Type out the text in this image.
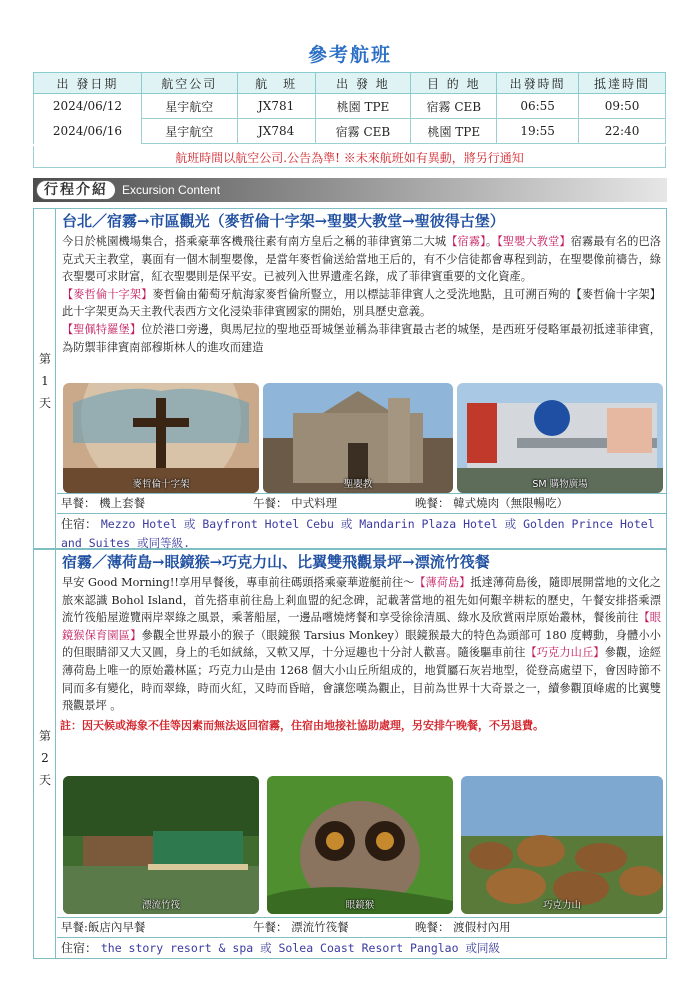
參考航班
出 發日期	航空公司	航　班	出 發 地	目 的 地	出發時間	抵達時間
2024/06/12	星宇航空	JX781	桃園 TPE	宿霧 CEB	06:55	09:50
2024/06/16	星宇航空	JX784	宿霧 CEB	桃園 TPE	19:55	22:40
航班時間以航空公司.公告為準! ※未來航班如有異動，將另行通知
行程介紹	Excursion Content
第
1
天
台北／宿霧→市區觀光（麥哲倫十字架→聖嬰大教堂→聖彼得古堡）
今日於桃園機場集合，搭乘豪華客機飛往素有南方皇后之稱的菲律賓第二大城【宿霧】。【聖嬰大教堂】宿霧最有名的巴洛克式天主教堂，裏面有一個木制聖嬰像，是當年麥哲倫送給當地王后的，有不少信徒都會專程到訪，在聖嬰像前禱告，綠衣聖嬰可求財富，紅衣聖嬰則是保平安。已被列入世界遺產名錄，成了菲律賓重要的文化資產。
【麥哲倫十字架】麥哲倫由葡萄牙航海家麥哲倫所豎立，用以標誌菲律賓人之受洗地點，且可溯百殉的【麥哲倫十字架】此十字架更為天主教代表西方文化浸染菲律賓國家的開始，別具歷史意義。
【聖佩特羅堡】位於港口旁邊，與馬尼拉的聖地亞哥城堡並稱為菲律賓最古老的城堡，是西班牙侵略軍最初抵達菲律賓，為防禦菲律賓南部穆斯林人的進攻而建造
麥哲倫十字架	聖嬰教	SM 購物廣場
早餐： 機上套餐	午餐： 中式料理	晚餐： 韓式燒肉（無限暢吃）
住宿： Mezzo Hotel 或 Bayfront Hotel Cebu 或 Mandarin Plaza Hotel 或 Golden Prince Hotel and Suites 或同等級.
第
2
天
宿霧／薄荷島→眼鏡猴→巧克力山、比翼雙飛觀景坪→漂流竹筏餐
早安 Good Morning!!享用早餐後，專車前往碼頭搭乘豪華遊艇前往～【薄荷島】抵達薄荷島後，隨即展開當地的文化之旅來認識 Bohol Island，首先搭車前往島上剎血盟的紀念碑，記載著當地的祖先如何艱辛耕耘的歷史，午餐安排搭乘漂流竹筏船屋遊覽兩岸翠綠之風景，乘著船屋，一邊品嚐燒烤餐和享受徐徐清風、綠水及欣賞兩岸原始叢林，餐後前往【眼鏡猴保育園區】參觀全世界最小的猴子（眼鏡猴 Tarsius Monkey）眼鏡猴最大的特色為頭部可 180 度轉動，身體小小的但眼睛卻又大又圓，身上的毛如絨絲，又軟又厚，十分逗趣也十分討人歡喜。隨後驅車前往【巧克力山丘】參觀，途經薄荷島上唯一的原始叢林區；巧克力山是由 1268 個大小山丘所組成的，地質屬石灰岩地型，從登高處望下，會因時節不同而多有變化，時而翠綠，時而火紅，又時而昏暗，會讓您嘆為觀止，目前為世界十大奇景之一，續參觀頂峰處的比翼雙飛觀景坪 。
註：因天候或海象不佳等因素而無法返回宿霧，住宿由地接社協助處理，另安排午晚餐，不另退費。
漂流竹筏	眼鏡猴	巧克力山
早餐:飯店內早餐	午餐： 漂流竹筏餐	晚餐： 渡假村內用
住宿： the story resort & spa 或 Solea Coast Resort Panglao 或同級
